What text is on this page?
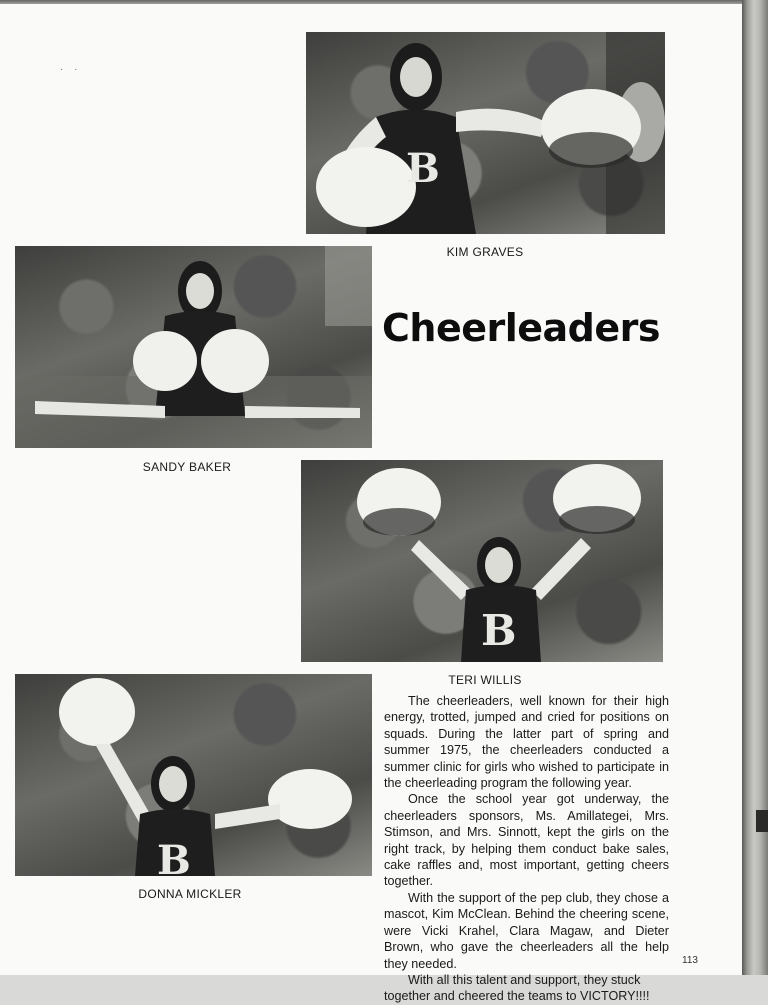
· ·
B
KIM GRAVES
SANDY BAKER
Cheerleaders
B
TERI WILLIS
B
DONNA MICKLER

The cheerleaders, well known for their high energy, trotted, jumped and cried for positions on squads. During the latter part of spring and summer 1975, the cheerleaders conducted a summer clinic for girls who wished to participate in the cheerleading program the following year.

Once the school year got underway, the cheerleaders sponsors, Ms. Amillategei, Mrs. Stimson, and Mrs. Sinnott, kept the girls on the right track, by helping them conduct bake sales, cake raffles and, most important, getting cheers together.

With the support of the pep club, they chose a mascot, Kim McClean. Behind the cheering scene, were Vicki Krahel, Clara Magaw, and Dieter Brown, who gave the cheerleaders all the help they needed.

With all this talent and support, they stuck together and cheered the teams to VICTORY!!!!

113
